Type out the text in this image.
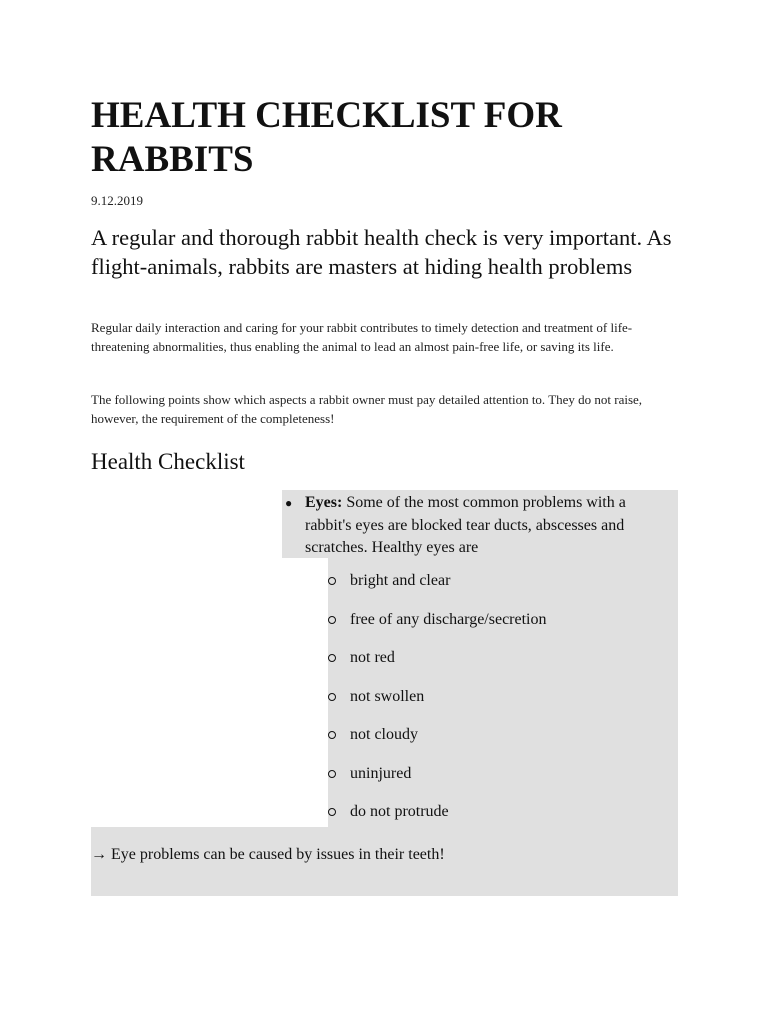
HEALTH CHECKLIST FOR RABBITS

9.12.2019

A regular and thorough rabbit health check is very important. As flight-animals, rabbits are masters at hiding health problems

Regular daily interaction and caring for your rabbit contributes to timely detection and treatment of life-threatening abnormalities, thus enabling the animal to lead an almost pain-free life, or saving its life.

The following points show which aspects a rabbit owner must pay detailed attention to. They do not raise, however, the requirement of the completeness!

Health Checklist
● Eyes: Some of the most common problems with a rabbit's eyes are blocked tear ducts, abscesses and scratches. Healthy eyes are
bright and clear
free of any discharge/secretion
not red
not swollen
not cloudy
uninjured
do not protrude
→ Eye problems can be caused by issues in their teeth!
